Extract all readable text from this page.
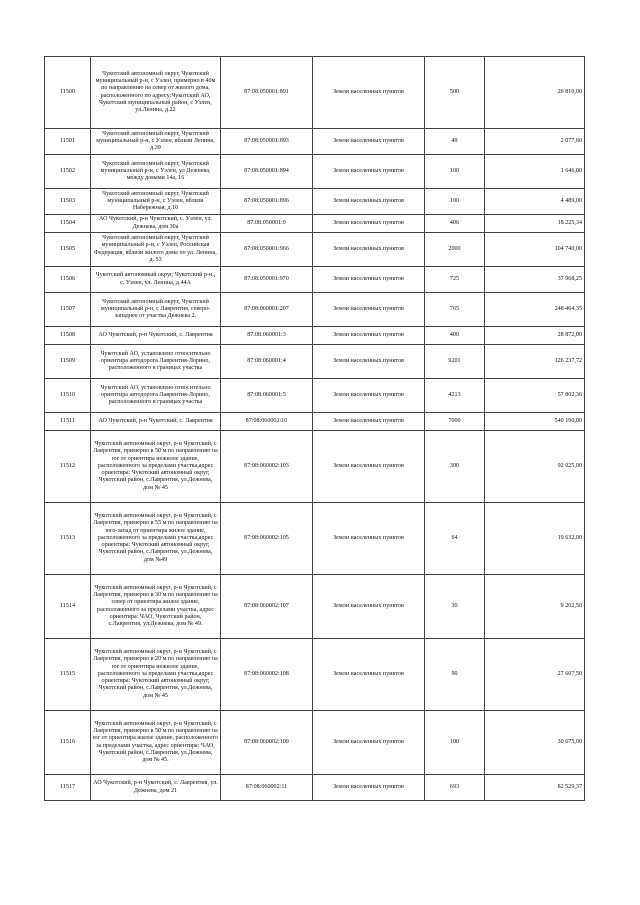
11500	Чукотский автономный округ, Чукотский муниципальный р-н, с Уэлен, примерно в 40м по направлению на север от жилого дома, расположенного по адресу:Чукотский АО, Чукотский муниципальный район, с Уэлен, ул.Ленина, д.22	87:08:050001:891	Земли населенных пунктов	500	26 810,00
11501	Чукотский автономный округ, Чукотский муниципальный р-н, с Уэлен, вблизи Ленина, д.39	87:08:050001:893	Земли населенных пунктов	49	2 077,60
11502	Чукотский автономный округ, Чукотский муниципальный р-н, с Уэлен, ул Дежнева, между домами 14а, 16	87:08:050001:894	Земли населенных пунктов	100	1 646,00
11503	Чукотский автономный округ, Чукотский муниципальный р-н, с Уэлен, вблизи Набережная, д.10	87:08:050001:896	Земли населенных пунктов	100	4 489,00
11504	АО Чукотский, р-н Чукотский, с. Уэлен, ул. Дежнева, дом 30а	87:08:050001:9	Земли населенных пунктов	406	18 225,34
11505	Чукотский автономный округ, Чукотский муниципальный р-н, с Уэлен, Российская Федерация, вблизи жилого дома по ул. Ленина, д. 53	87:08:050001:966	Земли населенных пунктов	2000	104 740,00
11506	Чукотский автономный округ, Чукотский р-н., с. Уэлен, ул. Ленина, д.44А	87:08:050001:970	Земли населенных пунктов	725	37 968,25
11507	Чукотский автономный округ, Чукотский муниципальный р-н, с Лаврентия, северо-западнее от участка Дежнева 2.	87:08:060001:207	Земли населенных пунктов	765	248 464,35
11508	АО Чукотский, р-н Чукотский, с. Лаврентия	87:08:060001:3	Земли населенных пунктов	400	28 872,00
11509	Чукотский АО, установлено относительно ориентира автодорога Лаврентия-Лорино, расположенного в границах участка	87:08:060001:4	Земли населенных пунктов	9201	126 237,72
11510	Чукотский АО, установлено относительно ориентира автодорога Лаврентия-Лорино, расположенного в границах участка	87:08:060001:5	Земли населенных пунктов	4213	57 802,36
11511	АО Чукотский, р-н Чукотский, с. Лаврентия	87:08:060002:10	Земли населенных пунктов	7000	540 190,00
11512	Чукотский автономный округ, р-н Чукотский, с Лаврентия, примерно в 50 м по направлению на юг от ориентира нежилое здание, расположенного за пределами участка,адрес ориентира: Чукотский автономный округ, Чукотский район, с.Лаврентия, ул.Дежнева, дом № 45	87:08:060002:103	Земли населенных пунктов	300	92 025,00
11513	Чукотский автономный округ, р-н Чукотский, с Лаврентия, примерно в 55 м по направлению на юго-запад от ориентира жилое здание, расположенного за пределами участка,адрес ориентира: Чукотский автономный округ, Чукотский район, с.Лаврентия, ул.Дежнева, дом №49	87:08:060002:105	Земли населенных пунктов	64	19 632,00
11514	Чукотский автономный округ, р-н Чукотский, с Лаврентия, примерно в 30 м по направлению на север от ориентира жилое здание, расположенного за пределами участка, адрес ориентира: ЧАО, Чукотский район, с.Лаврентия, ул.Дежнева, дом № 49.	87:08:060002:107	Земли населенных пунктов	30	9 202,50
11515	Чукотский автономный округ, р-н Чукотский, с Лаврентия, примерно в 20 м по направлению на юг от ориентира нежилое здание, расположенного за пределами участка,адрес ориентира: Чукотский автономный округ, Чукотский район, с.Лаврентия, ул.Дежнева, дом № 45	87:08:060002:108	Земли населенных пунктов	90	27 607,50
11516	Чукотский автономный округ, р-н Чукотский, с Лаврентия, примерно в 50 м по направлению на юг от ориентира жилое здание, расположенного за пределами участка, адрес ориентира: ЧАО, Чукотский район, с.Лаврентия, ул.Дежнева, дом № 45.	87:08:060002:109	Земли населенных пунктов	100	30 675,00
11517	АО Чукотский, р-н Чукотский, с. Лаврентия, ул. Дежнева, дом 21	87:08:060002:11	Земли населенных пунктов	693	82 529,37
